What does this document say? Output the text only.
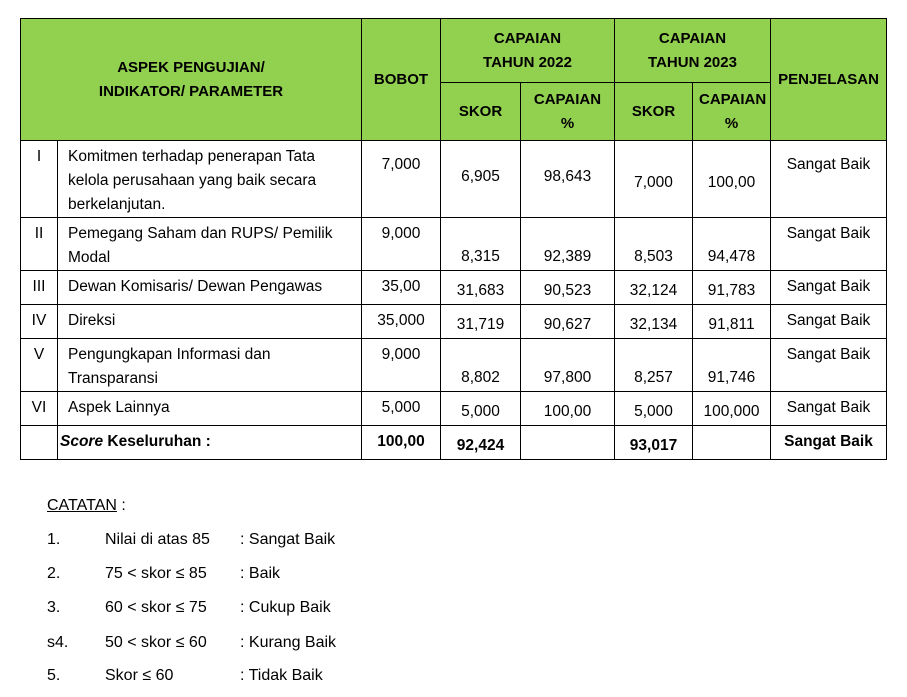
ASPEK PENGUJIAN/ INDIKATOR/ PARAMETER		BOBOT	CAPAIAN TAHUN 2022		CAPAIAN TAHUN 2023		PENJELASAN
			SKOR	CAPAIAN %	SKOR	CAPAIAN %	
I	Komitmen terhadap penerapan Tata kelola perusahaan yang baik secara berkelanjutan.	7,000	6,905	98,643	7,000	100,00	Sangat Baik
II	Pemegang Saham dan RUPS/ Pemilik Modal	9,000	8,315	92,389	8,503	94,478	Sangat Baik
III	Dewan Komisaris/ Dewan Pengawas	35,00	31,683	90,523	32,124	91,783	Sangat Baik
IV	Direksi	35,000	31,719	90,627	32,134	91,811	Sangat Baik
V	Pengungkapan Informasi dan Transparansi	9,000	8,802	97,800	8,257	91,746	Sangat Baik
VI	Aspek Lainnya	5,000	5,000	100,00	5,000	100,000	Sangat Baik
	Score Keseluruhan :	100,00	92,424		93,017		Sangat Baik
CATATAN :
1.	Nilai di atas 85 : Sangat Baik
2.	75 < skor ≤ 85 : Baik
3.	60 < skor ≤ 75 : Cukup Baik
s4. 50 < skor ≤ 60 : Kurang Baik
5.	Skor ≤ 60	: Tidak Baik
